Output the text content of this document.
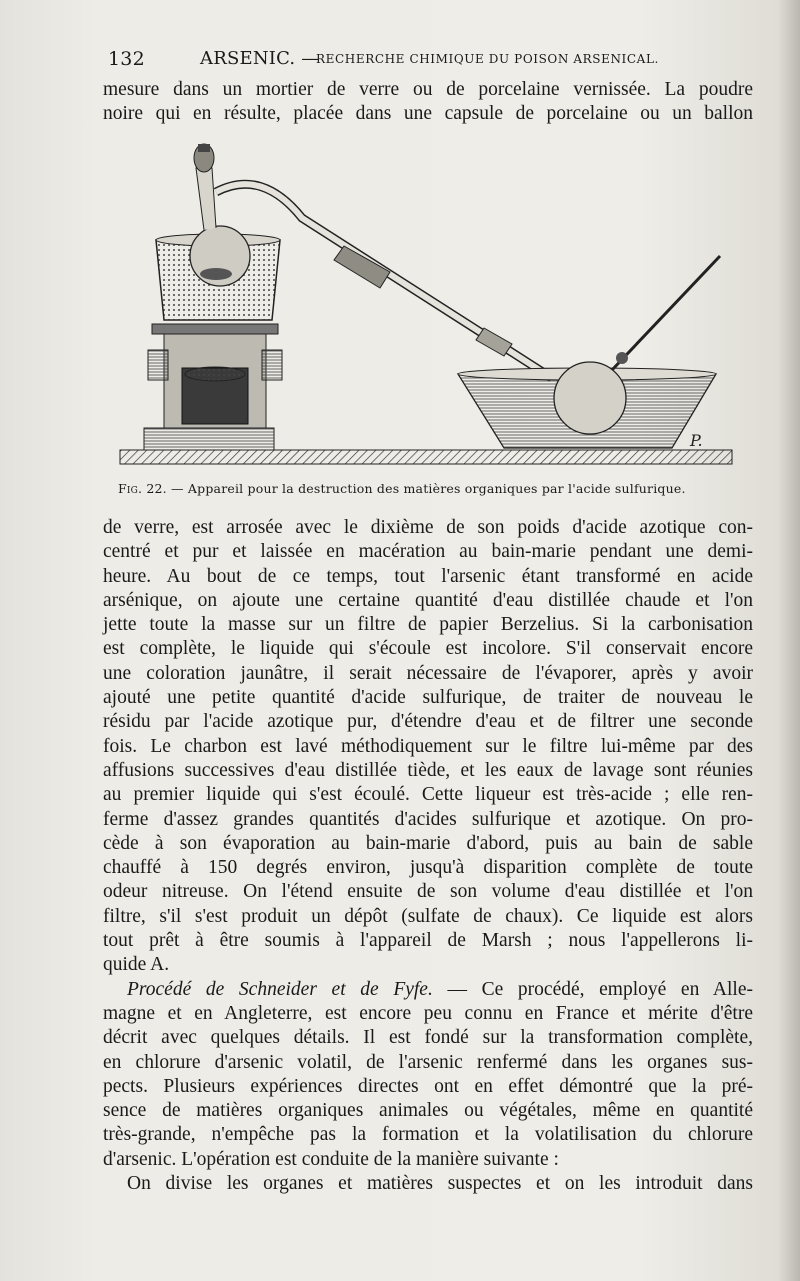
132	ARSENIC. —
RECHERCHE CHIMIQUE DU POISON ARSENICAL.
mesure dans un mortier de verre ou de porcelaine vernissée. La poudre
noire qui en résulte, placée dans une capsule de porcelaine ou un ballon
P.
Fig. 22. — Appareil pour la destruction des matières organiques par l'acide sulfurique.
de verre, est arrosée avec le dixième de son poids d'acide azotique con-
centré et pur et laissée en macération au bain-marie pendant une demi-
heure. Au bout de ce temps, tout l'arsenic étant transformé en acide
arsénique, on ajoute une certaine quantité d'eau distillée chaude et l'on
jette toute la masse sur un filtre de papier Berzelius. Si la carbonisation
est complète, le liquide qui s'écoule est incolore. S'il conservait encore
une coloration jaunâtre, il serait nécessaire de l'évaporer, après y avoir
ajouté une petite quantité d'acide sulfurique, de traiter de nouveau le
résidu par l'acide azotique pur, d'étendre d'eau et de filtrer une seconde
fois. Le charbon est lavé méthodiquement sur le filtre lui-même par des
affusions successives d'eau distillée tiède, et les eaux de lavage sont réunies
au premier liquide qui s'est écoulé. Cette liqueur est très-acide ; elle ren-
ferme d'assez grandes quantités d'acides sulfurique et azotique. On pro-
cède à son évaporation au bain-marie d'abord, puis au bain de sable
chauffé à 150 degrés environ, jusqu'à disparition complète de toute
odeur nitreuse. On l'étend ensuite de son volume d'eau distillée et l'on
filtre, s'il s'est produit un dépôt (sulfate de chaux). Ce liquide est alors
tout prêt à être soumis à l'appareil de Marsh ; nous l'appellerons li-
quide A.
Procédé de Schneider et de Fyfe. — Ce procédé, employé en Alle-
magne et en Angleterre, est encore peu connu en France et mérite d'être
décrit avec quelques détails. Il est fondé sur la transformation complète,
en chlorure d'arsenic volatil, de l'arsenic renfermé dans les organes sus-
pects. Plusieurs expériences directes ont en effet démontré que la pré-
sence de matières organiques animales ou végétales, même en quantité
très-grande, n'empêche pas la formation et la volatilisation du chlorure
d'arsenic. L'opération est conduite de la manière suivante :
On divise les organes et matières suspectes et on les introduit dans
